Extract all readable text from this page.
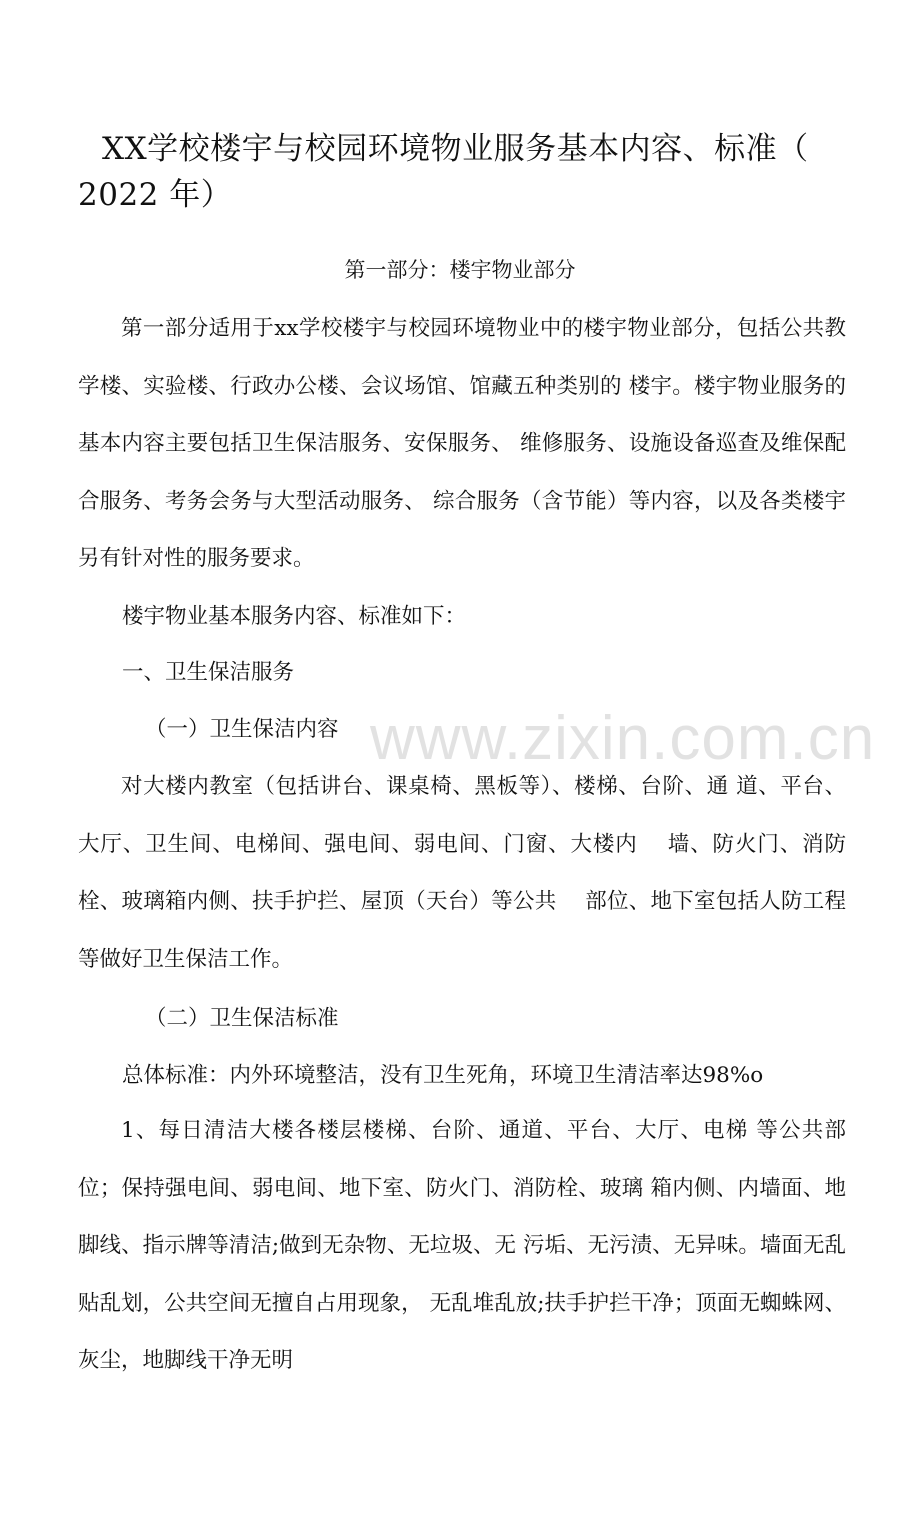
XX学校楼宇与校园环境物业服务基本内容、标准（
2022 年）
第一部分：楼宇物业部分

第一部分适用于xx学校楼宇与校园环境物业中的楼宇物业部分，包括公共教学楼、实验楼、行政办公楼、会议场馆、馆藏五种类别的 楼宇。楼宇物业服务的基本内容主要包括卫生保洁服务、安保服务、 维修服务、设施设备巡查及维保配合服务、考务会务与大型活动服务、 综合服务（含节能）等内容，以及各类楼宇另有针对性的服务要求。

楼宇物业基本服务内容、标准如下：
一、卫生保洁服务
（一）卫生保洁内容

对大楼内教室（包括讲台、课桌椅、黑板等）、楼梯、台阶、通 道、平台、大厅、卫生间、电梯间、强电间、弱电间、门窗、大楼内　 墙、防火门、消防栓、玻璃箱内侧、扶手护拦、屋顶（天台）等公共　 部位、地下室包括人防工程等做好卫生保洁工作。

（二）卫生保洁标准
总体标准：内外环境整洁，没有卫生死角，环境卫生清洁率达98%o

1、每日清洁大楼各楼层楼梯、台阶、通道、平台、大厅、电梯 等公共部位；保持强电间、弱电间、地下室、防火门、消防栓、玻璃 箱内侧、内墙面、地脚线、指示牌等清洁;做到无杂物、无垃圾、无 污垢、无污渍、无异味。墙面无乱贴乱划，公共空间无擅自占用现象， 无乱堆乱放;扶手护拦干净；顶面无蜘蛛网、灰尘，地脚线干净无明

www.zixin.com.cn
